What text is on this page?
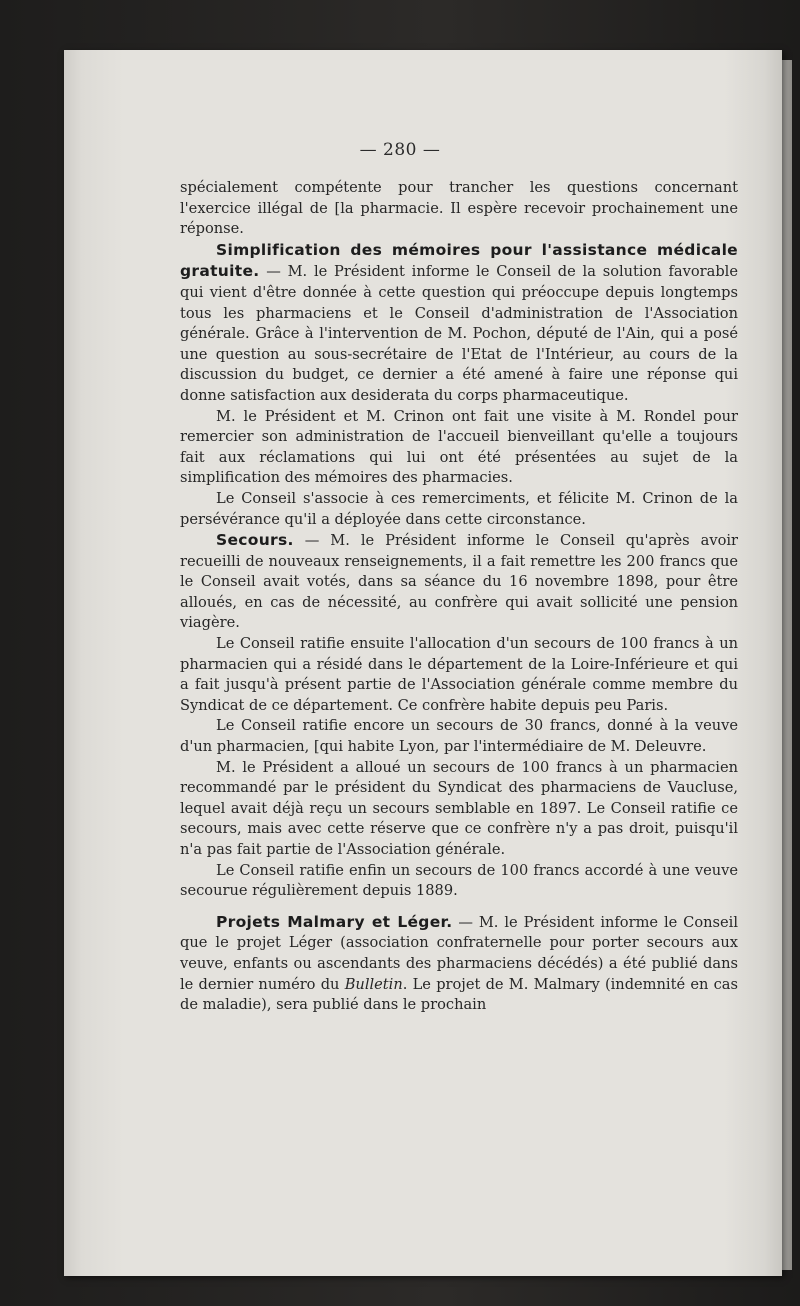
— 280 —

spécialement compétente pour trancher les questions concernant l'exercice illégal de [la pharmacie. Il espère recevoir prochainement une réponse.

Simplification des mémoires pour l'assistance médicale gratuite. — M. le Président informe le Conseil de la solution favorable qui vient d'être donnée à cette question qui préoccupe depuis longtemps tous les pharmaciens et le Conseil d'administration de l'Association générale. Grâce à l'intervention de M. Pochon, député de l'Ain, qui a posé une question au sous-secrétaire de l'Etat de l'Intérieur, au cours de la discussion du budget, ce dernier a été amené à faire une réponse qui donne satisfaction aux desiderata du corps pharmaceutique.

M. le Président et M. Crinon ont fait une visite à M. Rondel pour remercier son administration de l'accueil bienveillant qu'elle a toujours fait aux réclamations qui lui ont été présentées au sujet de la simplification des mémoires des pharmacies.

Le Conseil s'associe à ces remerciments, et félicite M. Crinon de la persévérance qu'il a déployée dans cette circonstance.

Secours. — M. le Président informe le Conseil qu'après avoir recueilli de nouveaux renseignements, il a fait remettre les 200 francs que le Conseil avait votés, dans sa séance du 16 novembre 1898, pour être alloués, en cas de nécessité, au confrère qui avait sollicité une pension viagère.

Le Conseil ratifie ensuite l'allocation d'un secours de 100 francs à un pharmacien qui a résidé dans le département de la Loire-Inférieure et qui a fait jusqu'à présent partie de l'Association générale comme membre du Syndicat de ce département. Ce confrère habite depuis peu Paris.

Le Conseil ratifie encore un secours de 30 francs, donné à la veuve d'un pharmacien, [qui habite Lyon, par l'intermédiaire de M. Deleuvre.

M. le Président a alloué un secours de 100 francs à un pharmacien recommandé par le président du Syndicat des pharmaciens de Vaucluse, lequel avait déjà reçu un secours semblable en 1897. Le Conseil ratifie ce secours, mais avec cette réserve que ce confrère n'y a pas droit, puisqu'il n'a pas fait partie de l'Association générale.

Le Conseil ratifie enfin un secours de 100 francs accordé à une veuve secourue régulièrement depuis 1889.

Projets Malmary et Léger. — M. le Président informe le Conseil que le projet Léger (association confraternelle pour porter secours aux veuve, enfants ou ascendants des pharmaciens décédés) a été publié dans le dernier numéro du Bulletin. Le projet de M. Malmary (indemnité en cas de maladie), sera publié dans le prochain
